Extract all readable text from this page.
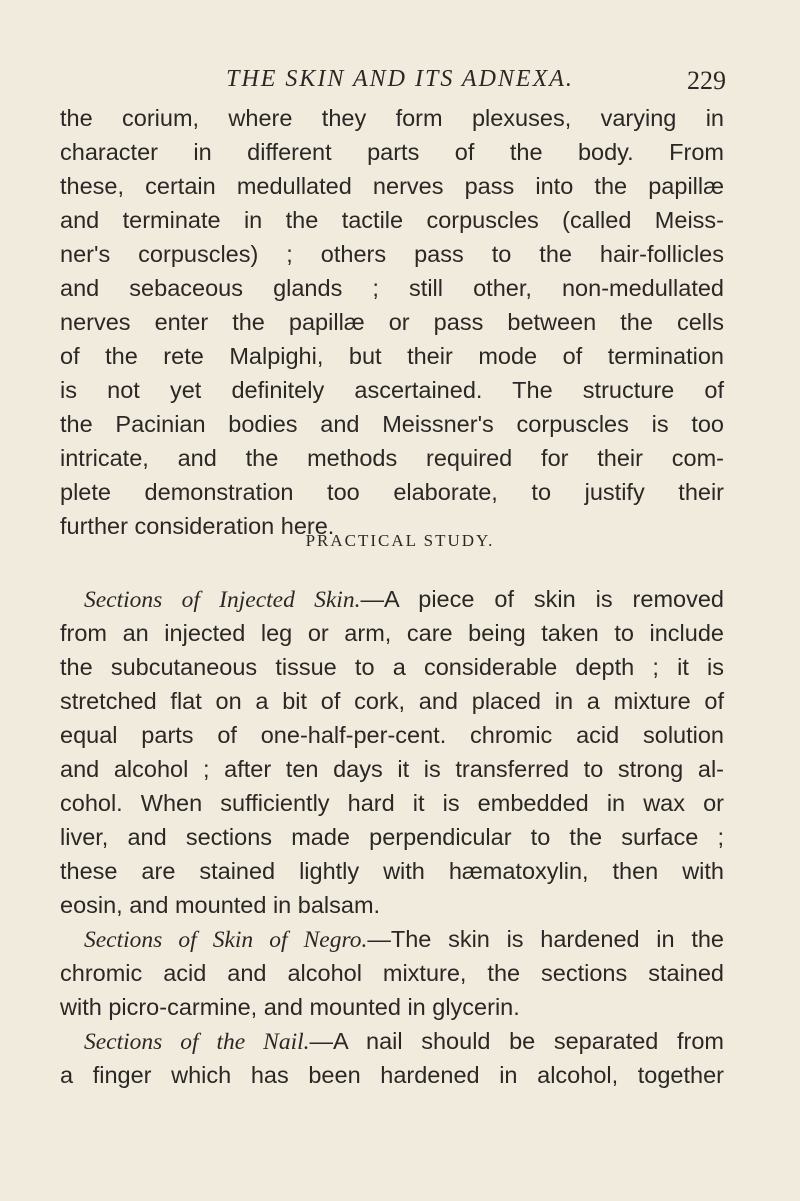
THE SKIN AND ITS ADNEXA.	229
the corium, where they form plexuses, varying in
character in different parts of the body. From
these, certain medullated nerves pass into the papillæ
and terminate in the tactile corpuscles (called Meiss-
ner's corpuscles) ; others pass to the hair-follicles
and sebaceous glands ; still other, non-medullated
nerves enter the papillæ or pass between the cells
of the rete Malpighi, but their mode of termination
is not yet definitely ascertained. The structure of
the Pacinian bodies and Meissner's corpuscles is too
intricate, and the methods required for their com-
plete demonstration too elaborate, to justify their
further consideration here.
PRACTICAL STUDY.
Sections of Injected Skin.—A piece of skin is removed
from an injected leg or arm, care being taken to include
the subcutaneous tissue to a considerable depth ; it is
stretched flat on a bit of cork, and placed in a mixture of
equal parts of one-half-per-cent. chromic acid solution
and alcohol ; after ten days it is transferred to strong al-
cohol. When sufficiently hard it is embedded in wax or
liver, and sections made perpendicular to the surface ;
these are stained lightly with hæmatoxylin, then with
eosin, and mounted in balsam.
Sections of Skin of Negro.—The skin is hardened in the
chromic acid and alcohol mixture, the sections stained
with picro-carmine, and mounted in glycerin.
Sections of the Nail.—A nail should be separated from
a finger which has been hardened in alcohol, together
